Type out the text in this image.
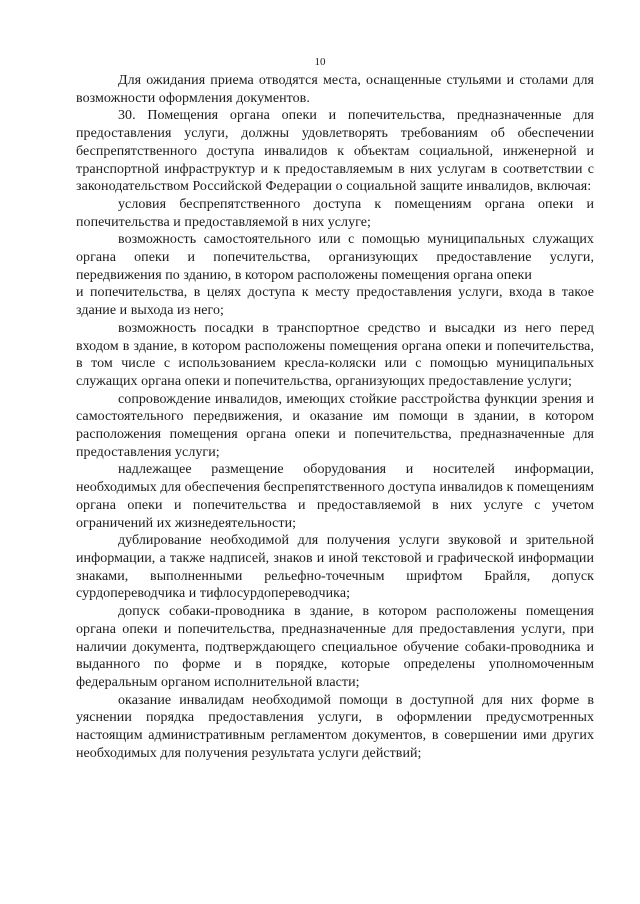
10

Для ожидания приема отводятся места, оснащенные стульями и столами для возможности оформления документов.

30. Помещения органа опеки и попечительства, предназначенные для предоставления услуги, должны удовлетворять требованиям об обеспечении беспрепятственного доступа инвалидов к объектам социальной, инженерной и транспортной инфраструктур и к предоставляемым в них услугам в соответствии с законодательством Российской Федерации о социальной защите инвалидов, включая:

условия беспрепятственного доступа к помещениям органа опеки и попечительства и предоставляемой в них услуге;

возможность самостоятельного или с помощью муниципальных служащих органа опеки и попечительства, организующих предоставление услуги, передвижения по зданию, в котором расположены помещения органа опеки

и попечительства, в целях доступа к месту предоставления услуги, входа в такое здание и выхода из него;

возможность посадки в транспортное средство и высадки из него перед входом в здание, в котором расположены помещения органа опеки и попечительства, в том числе с использованием кресла-коляски или с помощью муниципальных служащих органа опеки и попечительства, организующих предоставление услуги;

сопровождение инвалидов, имеющих стойкие расстройства функции зрения и самостоятельного передвижения, и оказание им помощи в здании, в котором расположения помещения органа опеки и попечительства, предназначенные для предоставления услуги;

надлежащее размещение оборудования и носителей информации, необходимых для обеспечения беспрепятственного доступа инвалидов к помещениям органа опеки и попечительства и предоставляемой в них услуге с учетом ограничений их жизнедеятельности;

дублирование необходимой для получения услуги звуковой и зрительной информации, а также надписей, знаков и иной текстовой и графической информации знаками, выполненными рельефно-точечным шрифтом Брайля, допуск сурдопереводчика и тифлосурдопереводчика;

допуск собаки-проводника в здание, в котором расположены помещения органа опеки и попечительства, предназначенные для предоставления услуги, при наличии документа, подтверждающего специальное обучение собаки-проводника и выданного по форме и в порядке, которые определены уполномоченным федеральным органом исполнительной власти;

оказание инвалидам необходимой помощи в доступной для них форме в уяснении порядка предоставления услуги, в оформлении предусмотренных настоящим административным регламентом документов, в совершении ими других необходимых для получения результата услуги действий;
